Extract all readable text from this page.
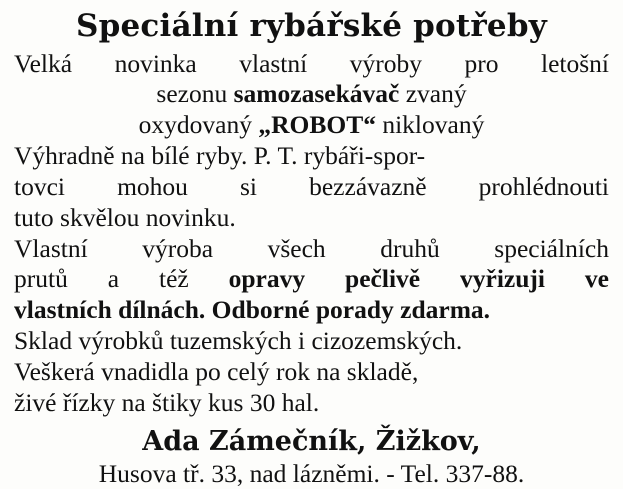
Speciální rybářské potřeby
Velká novinka vlastní výroby pro letošní
sezonu samozasekávač zvaný
oxydovaný „ROBOT“ niklovaný
Výhradně na bílé ryby. P. T. rybáři-spor-
tovci mohou si bezzávazně prohlédnouti
tuto skvělou novinku.
Vlastní výroba všech druhů speciálních
prutů a též opravy pečlivě vyřizuji ve
vlastních dílnách. Odborné porady zdarma.
Sklad výrobků tuzemských i cizozemských.
Veškerá vnadidla po celý rok na skladě,
živé řízky na štiky kus 30 hal.
Ada Zámečník, Žižkov,
Husova tř. 33, nad lázněmi. - Tel. 337-88.
